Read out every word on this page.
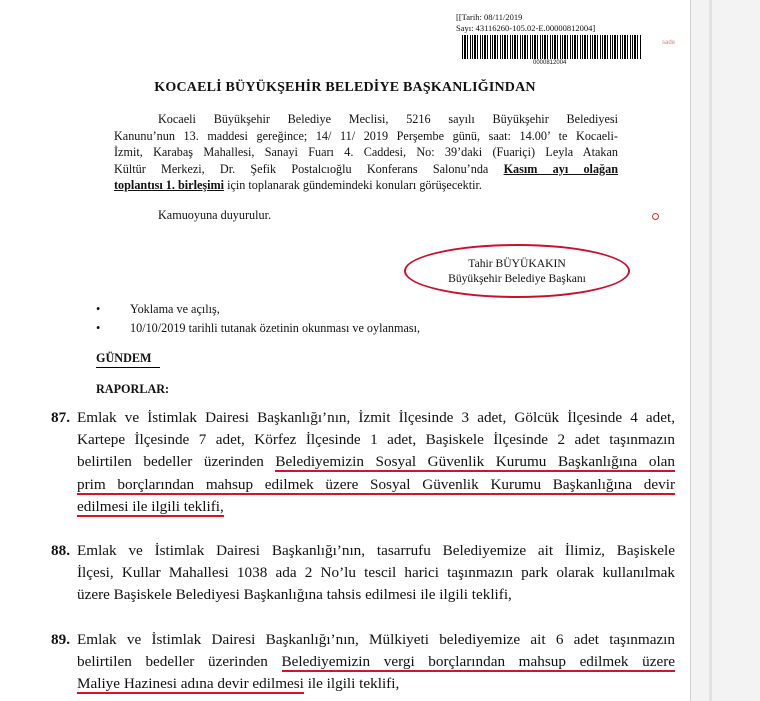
[[Tarih: 08/11/2019
Sayı: 43116260-105.02-E.00000812004]
0000812004
sade
KOCAELİ BÜYÜKŞEHİR BELEDİYE BAŞKANLIĞINDAN
Kocaeli Büyükşehir Belediye Meclisi, 5216 sayılı Büyükşehir Belediyesi
Kanunu’nun 13. maddesi gereğince; 14/ 11/ 2019 Perşembe günü, saat: 14.00’ te Kocaeli-
İzmit, Karabaş Mahallesi, Sanayi Fuarı 4. Caddesi, No: 39’daki (Fuariçi) Leyla Atakan
Kültür Merkezi, Dr. Şefik Postalcıoğlu Konferans Salonu’nda Kasım ayı olağan
toplantısı 1. birleşimi için toplanarak gündemindeki konuları görüşecektir.
Kamuoyuna duyurulur.
Tahir BÜYÜKAKIN
Büyükşehir Belediye Başkanı
• Yoklama ve açılış,
• 10/10/2019 tarihli tutanak özetinin okunması ve oylanması,
GÜNDEM
RAPORLAR:
87. Emlak ve İstimlak Dairesi Başkanlığı’nın, İzmit İlçesinde 3 adet, Gölcük İlçesinde 4 adet,
Kartepe İlçesinde 7 adet, Körfez İlçesinde 1 adet, Başiskele İlçesinde 2 adet taşınmazın
belirtilen bedeller üzerinden Belediyemizin Sosyal Güvenlik Kurumu Başkanlığına olan
prim borçlarından mahsup edilmek üzere Sosyal Güvenlik Kurumu Başkanlığına devir
edilmesi ile ilgili teklifi,
88. Emlak ve İstimlak Dairesi Başkanlığı’nın, tasarrufu Belediyemize ait İlimiz, Başiskele
İlçesi, Kullar Mahallesi 1038 ada 2 No’lu tescil harici taşınmazın park olarak kullanılmak
üzere Başiskele Belediyesi Başkanlığına tahsis edilmesi ile ilgili teklifi,
89. Emlak ve İstimlak Dairesi Başkanlığı’nın, Mülkiyeti belediyemize ait 6 adet taşınmazın
belirtilen bedeller üzerinden Belediyemizin vergi borçlarından mahsup edilmek üzere
Maliye Hazinesi adına devir edilmesi ile ilgili teklifi,
